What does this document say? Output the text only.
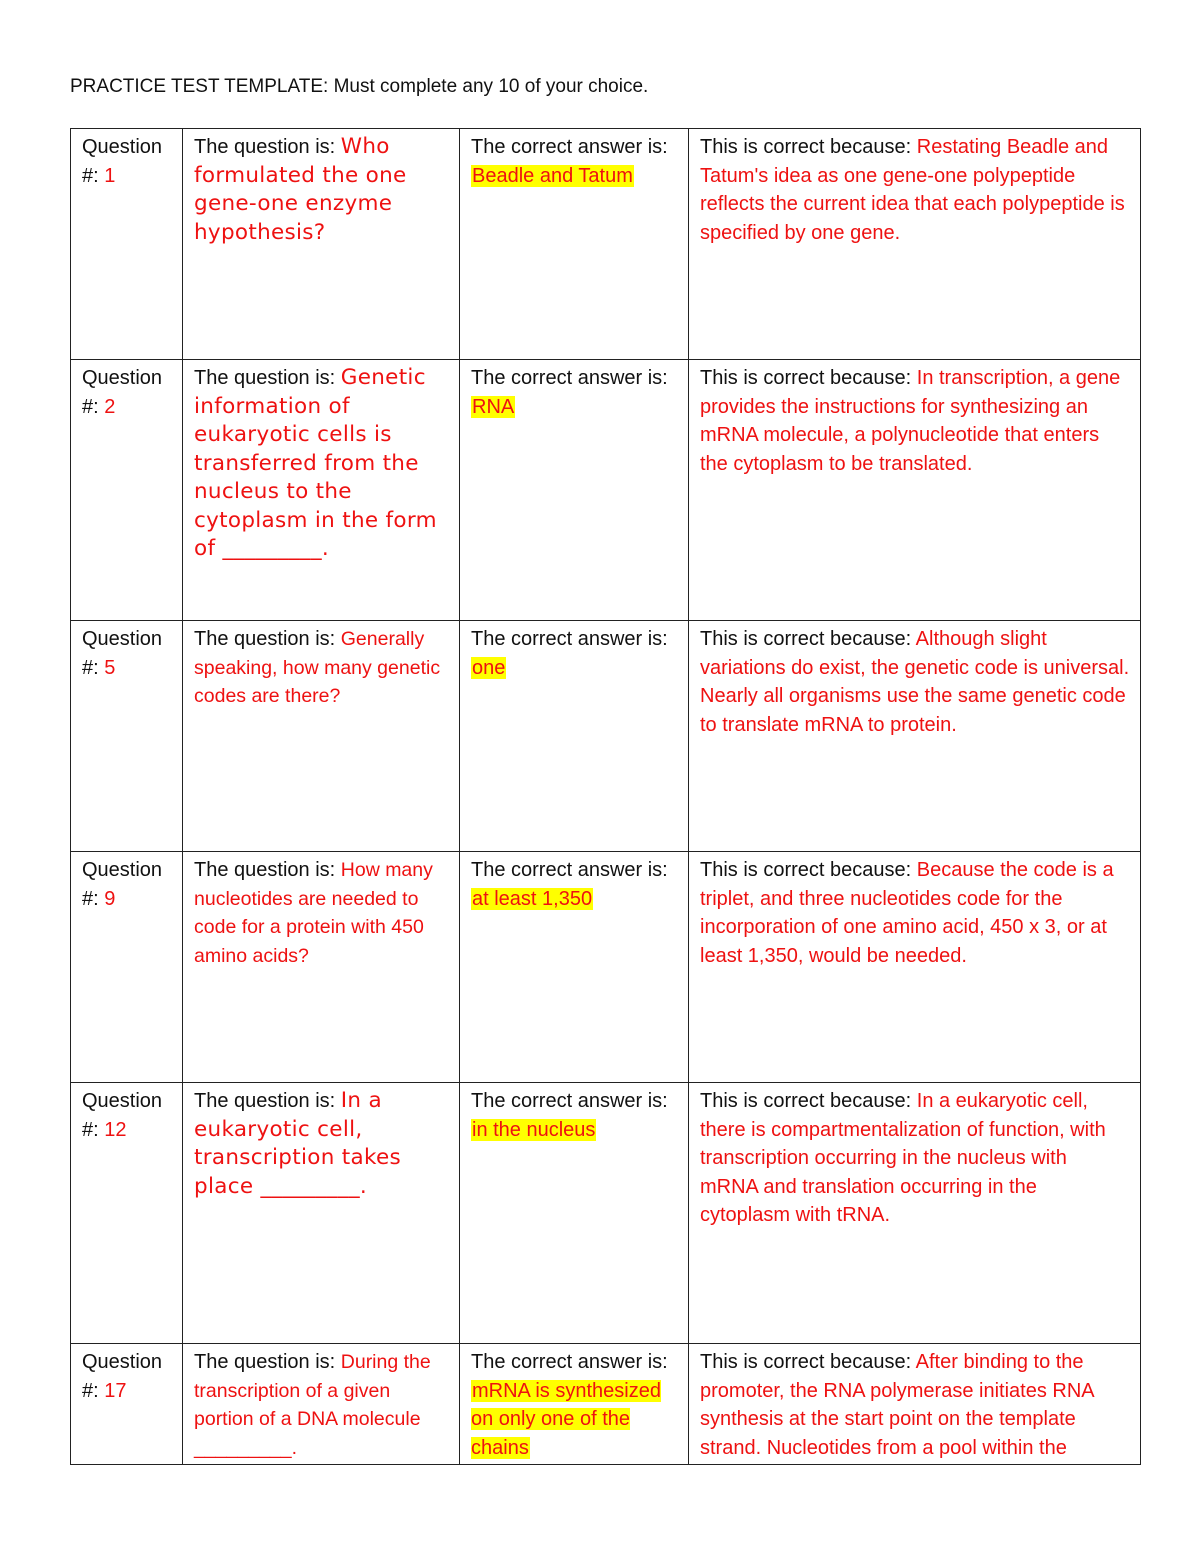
PRACTICE TEST TEMPLATE: Must complete any 10 of your choice.
Question #: 1	The question is: Who formulated the one gene-one enzyme hypothesis?	The correct answer is: Beadle and Tatum	This is correct because: Restating Beadle and Tatum's idea as one gene-one polypeptide reflects the current idea that each polypeptide is specified by one gene.
Question #: 2	The question is: Genetic information of eukaryotic cells is transferred from the nucleus to the cytoplasm in the form of _________.	The correct answer is: RNA	This is correct because: In transcription, a gene provides the instructions for synthesizing an mRNA molecule, a polynucleotide that enters the cytoplasm to be translated.
Question #: 5	The question is: Generally speaking, how many genetic codes are there?	The correct answer is: one	This is correct because: Although slight variations do exist, the genetic code is universal. Nearly all organisms use the same genetic code to translate mRNA to protein.
Question #: 9	The question is: How many nucleotides are needed to code for a protein with 450 amino acids?	The correct answer is: at least 1,350	This is correct because: Because the code is a triplet, and three nucleotides code for the incorporation of one amino acid, 450 x 3, or at least 1,350, would be needed.
Question #: 12	The question is: In a eukaryotic cell, transcription takes place _________.	The correct answer is: in the nucleus	This is correct because: In a eukaryotic cell, there is compartmentalization of function, with transcription occurring in the nucleus with mRNA and translation occurring in the cytoplasm with tRNA.
Question #: 17	The question is: During the transcription of a given portion of a DNA molecule _________.	The correct answer is: mRNA is synthesized on only one of the chains	This is correct because: After binding to the promoter, the RNA polymerase initiates RNA synthesis at the start point on the template strand. Nucleotides from a pool within the
